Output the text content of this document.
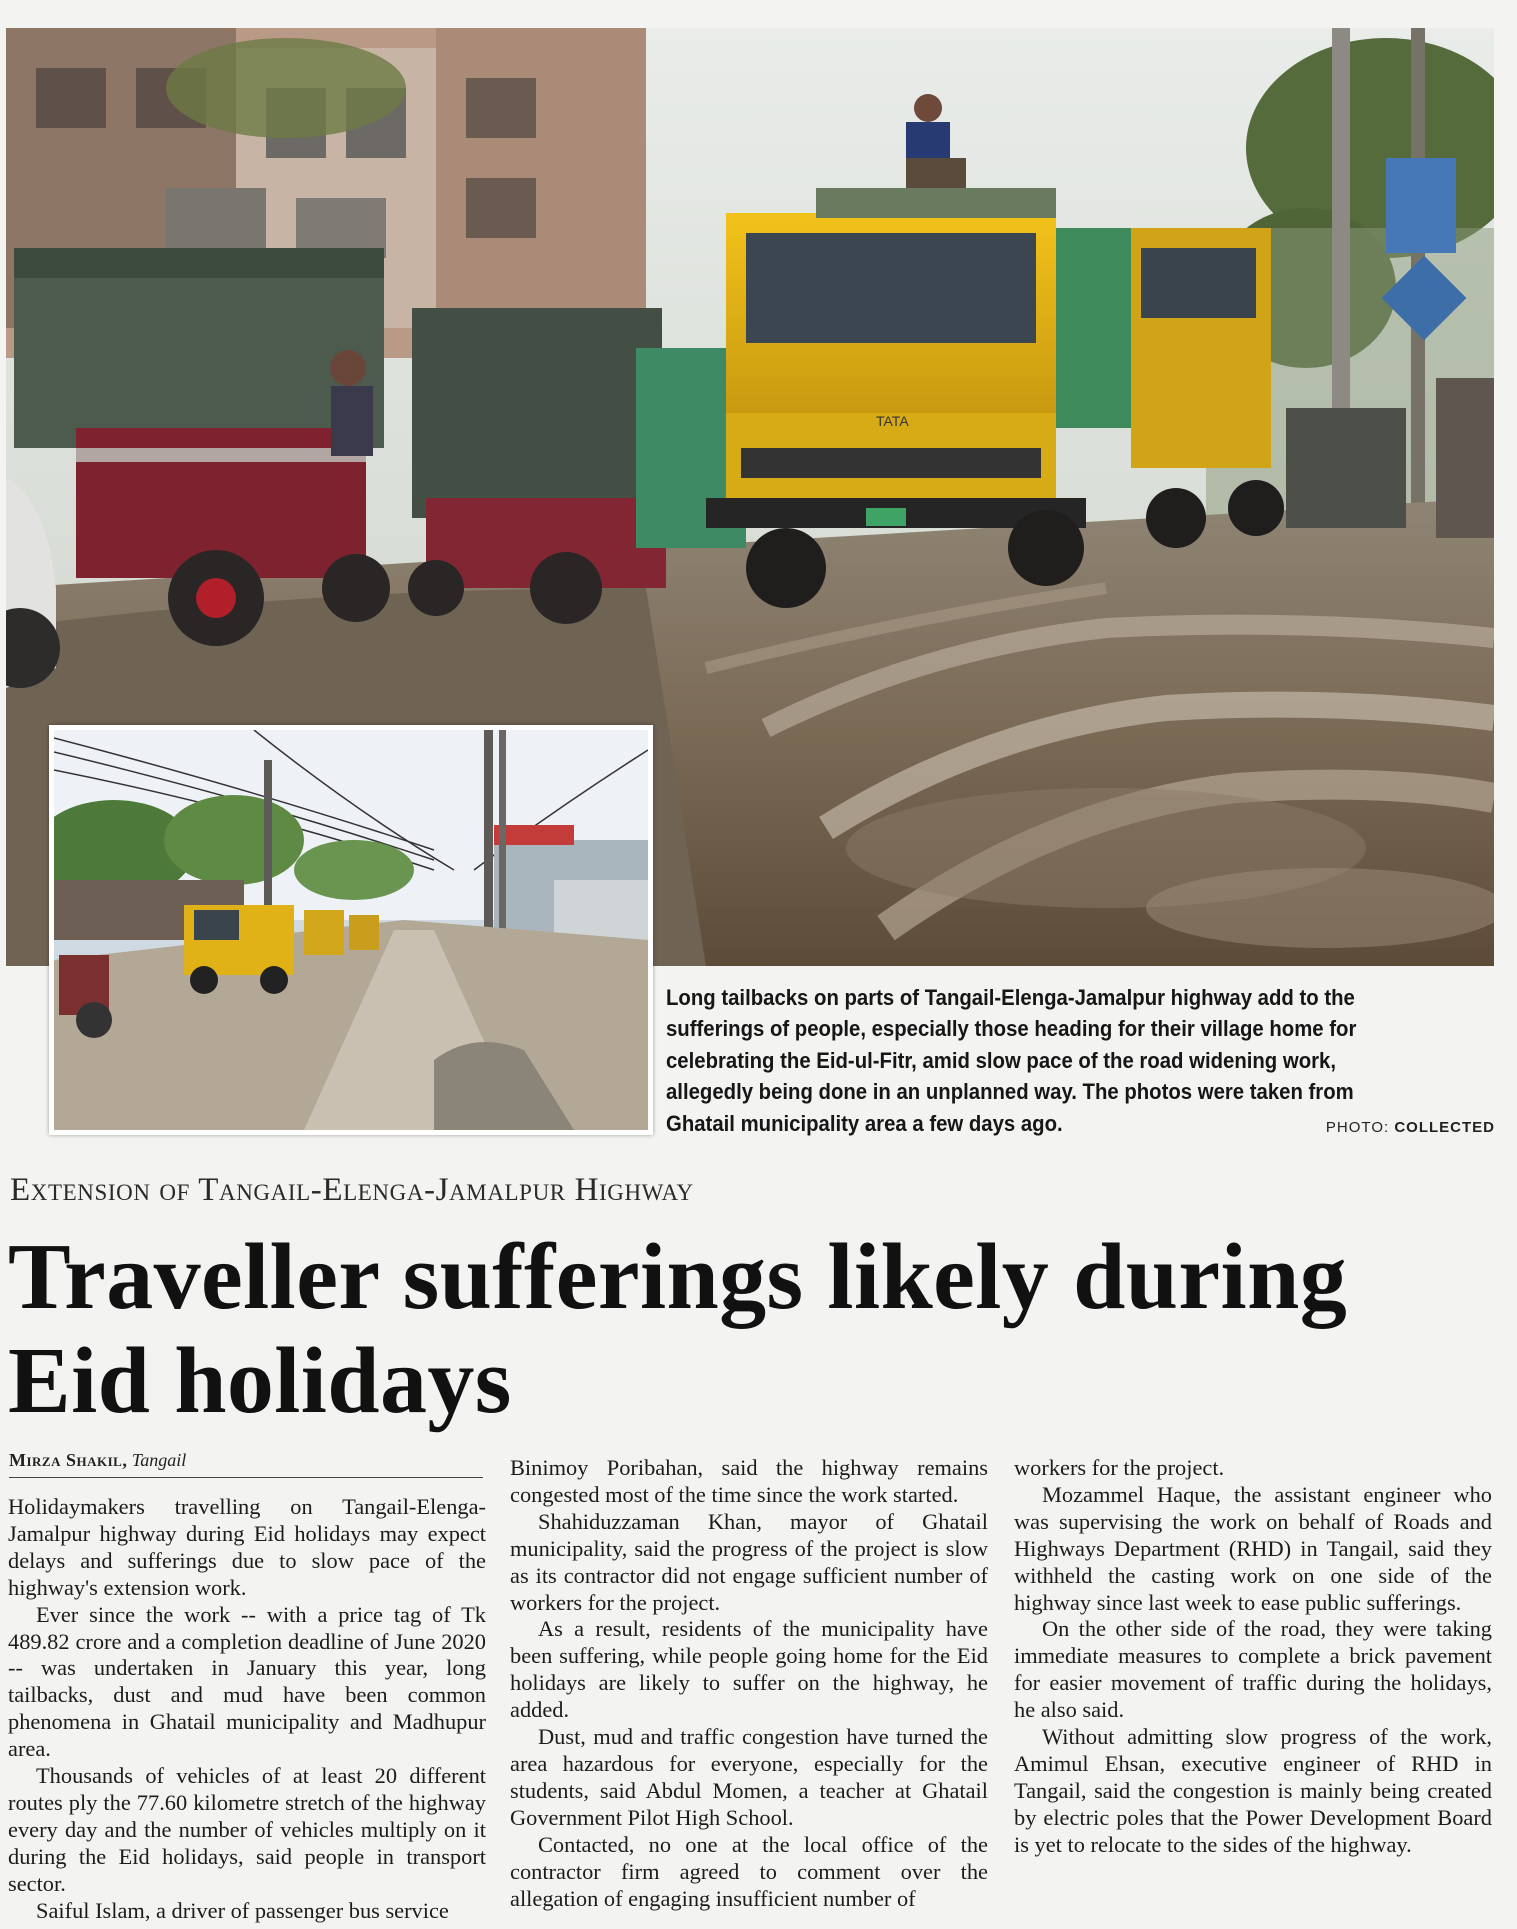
TATA
Long tailbacks on parts of Tangail-Elenga-Jamalpur highway add to the sufferings of people, especially those heading for their village home for celebrating the Eid-ul-Fitr, amid slow pace of the road widening work, allegedly being done in an unplanned way. The photos were taken from Ghatail municipality area a few days ago.	PHOTO: COLLECTED
Extension of Tangail-Elenga-Jamalpur Highway
Traveller sufferings likely during
Eid holidays
Mirza Shakil, Tangail

Holidaymakers travelling on Tangail-Elenga-Jamalpur highway during Eid holidays may expect delays and sufferings due to slow pace of the highway's extension work.

Ever since the work -- with a price tag of Tk 489.82 crore and a completion deadline of June 2020 -- was undertaken in January this year, long tailbacks, dust and mud have been common phenomena in Ghatail municipality and Madhupur area.

Thousands of vehicles of at least 20 different routes ply the 77.60 kilometre stretch of the highway every day and the number of vehicles multiply on it during the Eid holidays, said people in transport sector.

Saiful Islam, a driver of passenger bus service

Binimoy Poribahan, said the highway remains congested most of the time since the work started.

Shahiduzzaman Khan, mayor of Ghatail municipality, said the progress of the project is slow as its contractor did not engage sufficient number of workers for the project.

As a result, residents of the municipality have been suffering, while people going home for the Eid holidays are likely to suffer on the highway, he added.

Dust, mud and traffic congestion have turned the area hazardous for everyone, especially for the students, said Abdul Momen, a teacher at Ghatail Government Pilot High School.

Contacted, no one at the local office of the contractor firm agreed to comment over the allegation of engaging insufficient number of

workers for the project.

Mozammel Haque, the assistant engineer who was supervising the work on behalf of Roads and Highways Department (RHD) in Tangail, said they withheld the casting work on one side of the highway since last week to ease public sufferings.

On the other side of the road, they were taking immediate measures to complete a brick pavement for easier movement of traffic during the holidays, he also said.

Without admitting slow progress of the work, Amimul Ehsan, executive engineer of RHD in Tangail, said the congestion is mainly being created by electric poles that the Power Development Board is yet to relocate to the sides of the highway.
